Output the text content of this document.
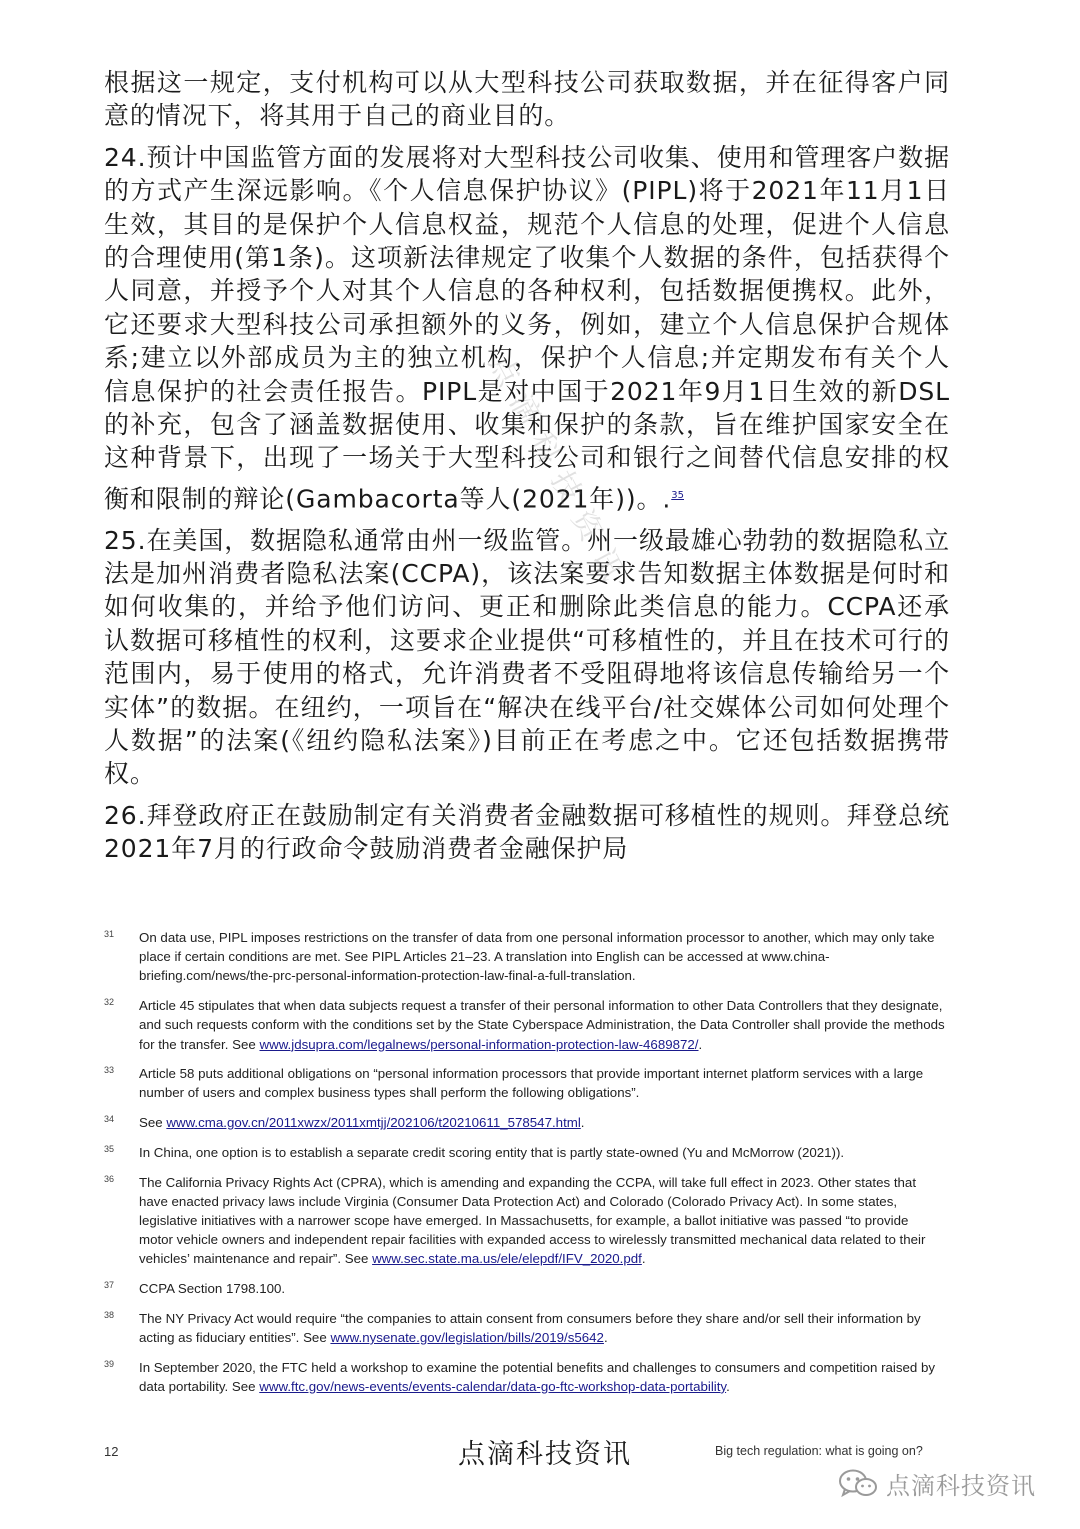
根据这一规定，支付机构可以从大型科技公司获取数据，并在征得客户同意的情况下，将其用于自己的商业目的。

24.预计中国监管方面的发展将对大型科技公司收集、使用和管理客户数据的方式产生深远影响。《个人信息保护协议》(PIPL)将于2021年11月1日生效，其目的是保护个人信息权益，规范个人信息的处理，促进个人信息的合理使用(第1条)。这项新法律规定了收集个人数据的条件，包括获得个人同意，并授予个人对其个人信息的各种权利，包括数据便携权。此外，它还要求大型科技公司承担额外的义务，例如，建立个人信息保护合规体系;建立以外部成员为主的独立机构，保护个人信息;并定期发布有关个人信息保护的社会责任报告。PIPL是对中国于2021年9月1日生效的新DSL的补充，包含了涵盖数据使用、收集和保护的条款，旨在维护国家安全在这种背景下，出现了一场关于大型科技公司和银行之间替代信息安排的权衡和限制的辩论(Gambacorta等人(2021年))。.$^{35}$

25.在美国，数据隐私通常由州一级监管。州一级最雄心勃勃的数据隐私立法是加州消费者隐私法案(CCPA)，该法案要求告知数据主体数据是何时和如何收集的，并给予他们访问、更正和删除此类信息的能力。CCPA还承认数据可移植性的权利，这要求企业提供“可移植性的，并且在技术可行的范围内，易于使用的格式，允许消费者不受阻碍地将该信息传输给另一个实体”的数据。在纽约，一项旨在“解决在线平台/社交媒体公司如何处理个人数据”的法案(《纽约隐私法案》)目前正在考虑之中。它还包括数据携带权。

26.拜登政府正在鼓励制定有关消费者金融数据可移植性的规则。拜登总统2021年7月的行政命令鼓励消费者金融保护局

点滴科技资讯
31 On data use, PIPL imposes restrictions on the transfer of data from one personal information processor to another, which may only take place if certain conditions are met. See PIPL Articles 21–23. A translation into English can be accessed at www.china-briefing.com/news/the-prc-personal-information-protection-law-final-a-full-translation.
32 Article 45 stipulates that when data subjects request a transfer of their personal information to other Data Controllers that they designate, and such requests conform with the conditions set by the State Cyberspace Administration, the Data Controller shall provide the methods for the transfer. See www.jdsupra.com/legalnews/personal-information-protection-law-4689872/.
33 Article 58 puts additional obligations on “personal information processors that provide important internet platform services with a large number of users and complex business types shall perform the following obligations”.
34 See www.cma.gov.cn/2011xwzx/2011xmtjj/202106/t20210611_578547.html.
35 In China, one option is to establish a separate credit scoring entity that is partly state-owned (Yu and McMorrow (2021)).
36 The California Privacy Rights Act (CPRA), which is amending and expanding the CCPA, will take full effect in 2023. Other states that have enacted privacy laws include Virginia (Consumer Data Protection Act) and Colorado (Colorado Privacy Act). In some states, legislative initiatives with a narrower scope have emerged. In Massachusetts, for example, a ballot initiative was passed “to provide motor vehicle owners and independent repair facilities with expanded access to wirelessly transmitted mechanical data related to their vehicles’ maintenance and repair”. See www.sec.state.ma.us/ele/elepdf/IFV_2020.pdf.
37 CCPA Section 1798.100.
38 The NY Privacy Act would require “the companies to attain consent from consumers before they share and/or sell their information by acting as fiduciary entities”. See www.nysenate.gov/legislation/bills/2019/s5642.
39 In September 2020, the FTC held a workshop to examine the potential benefits and challenges to consumers and competition raised by data portability. See www.ftc.gov/news-events/events-calendar/data-go-ftc-workshop-data-portability.
12	点滴科技资讯	Big tech regulation: what is going on?
点滴科技资讯
